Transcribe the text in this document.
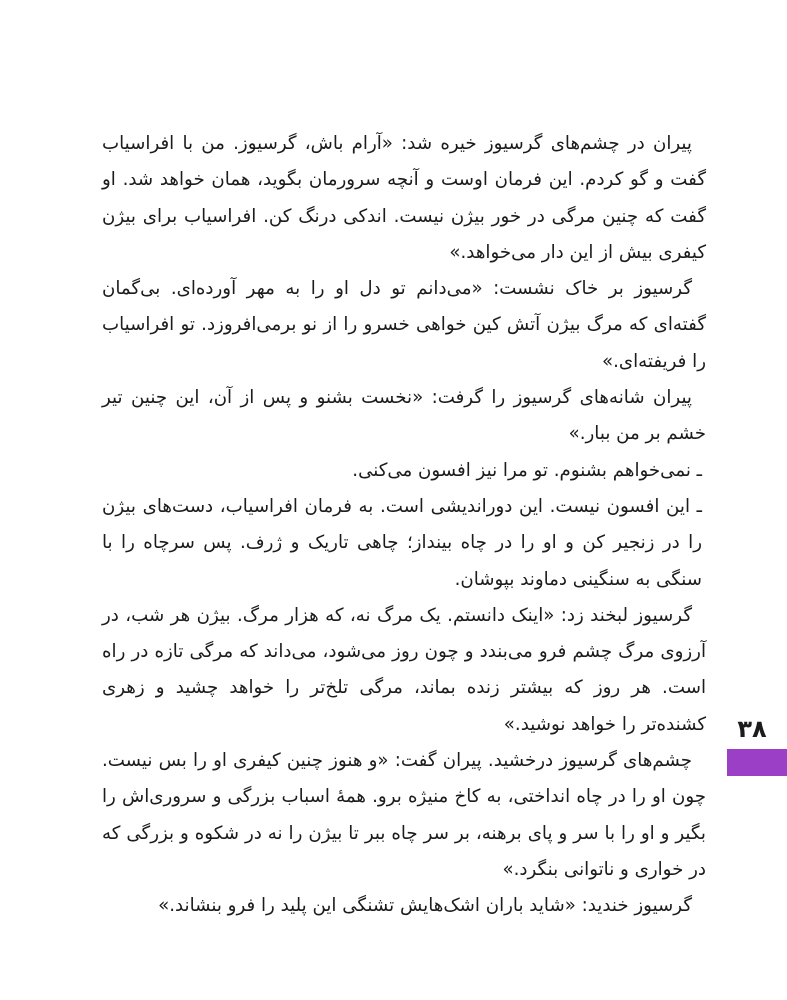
پیران در چشم‌های گرسیوز خیره شد: «آرام باش، گرسیوز. من با افراسیاب گفت و گو کردم. این فرمان اوست و آنچه سرورمان بگوید، همان خواهد شد. او گفت که چنین مرگی در خور بیژن نیست. اندکی درنگ کن. افراسیاب برای بیژن کیفری بیش از این دار می‌خواهد.»

گرسیوز بر خاک نشست: «می‌دانم تو دل او را به مهر آورده‌ای. بی‌گمان گفته‌ای که مرگ بیژن آتش کین خواهی خسرو را از نو برمی‌افروزد. تو افراسیاب را فریفته‌ای.»

پیران شانه‌های گرسیوز را گرفت: «نخست بشنو و پس از آن، این چنین تیر خشم بر من ببار.»

ـ نمی‌خواهم بشنوم. تو مرا نیز افسون می‌کنی.

ـ این افسون نیست. این دوراندیشی است. به فرمان افراسیاب، دست‌های بیژن را در زنجیر کن و او را در چاه بینداز؛ چاهی تاریک و ژرف. پس سرچاه را با سنگی به سنگینی دماوند بپوشان.

گرسیوز لبخند زد: «اینک دانستم. یک مرگ نه، که هزار مرگ. بیژن هر شب، در آرزوی مرگ چشم فرو می‌بندد و چون روز می‌شود، می‌داند که مرگی تازه در راه است. هر روز که بیشتر زنده بماند، مرگی تلخ‌تر را خواهد چشید و زهری کشنده‌تر را خواهد نوشید.»

چشم‌های گرسیوز درخشید. پیران گفت: «و هنوز چنین کیفری او را بس نیست. چون او را در چاه انداختی، به کاخ منیژه برو. همهٔ اسباب بزرگی و سروری‌اش را بگیر و او را با سر و پای برهنه، بر سر چاه ببر تا بیژن را نه در شکوه و بزرگی که در خواری و ناتوانی بنگرد.»

گرسیوز خندید: «شاید باران اشک‌هایش تشنگی این پلید را فرو بنشاند.»

۳۸
